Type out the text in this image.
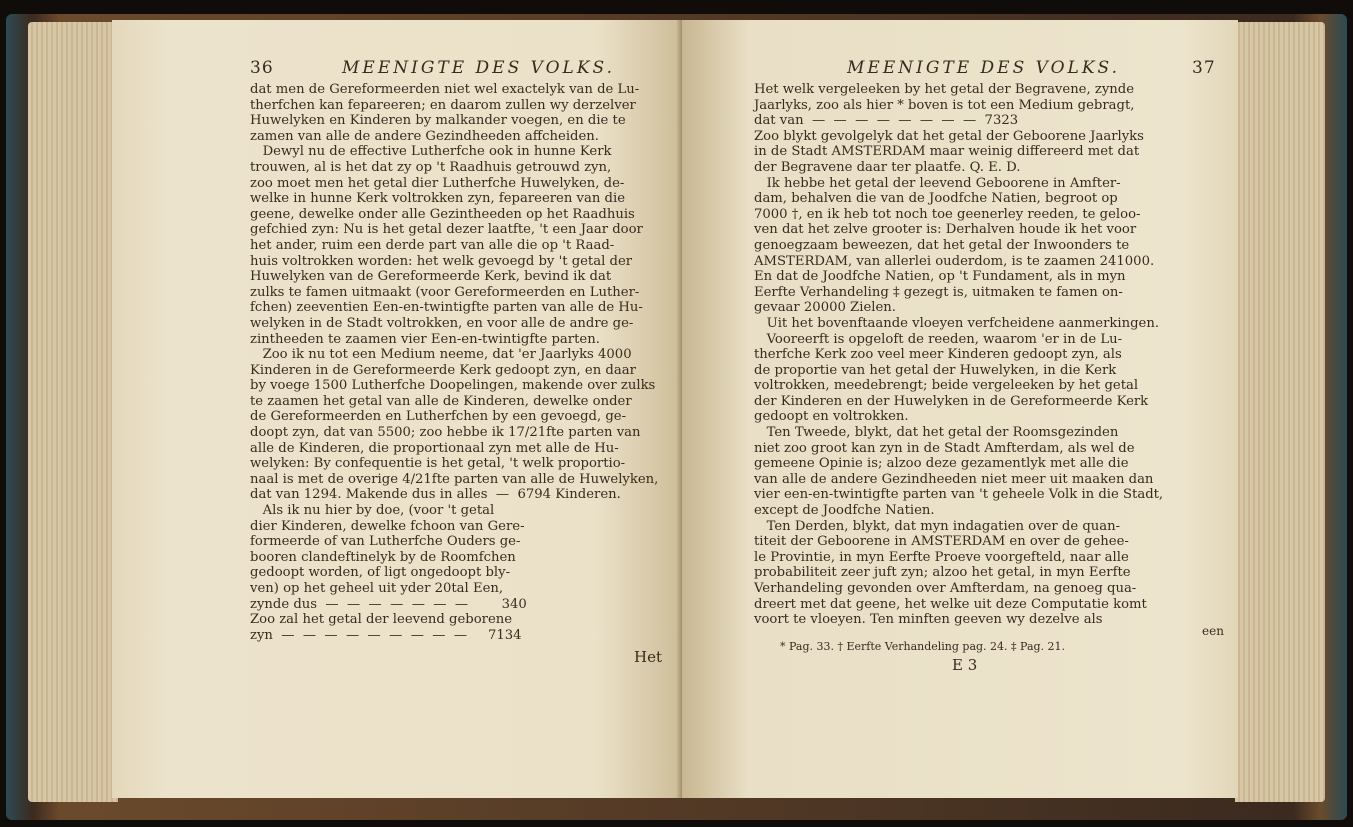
36	MEENIGTE DES VOLKS.
dat men de Gereformeerden niet wel exactelyk van de Lu-
therfchen kan fepareeren; en daarom zullen wy derzelver
Huwelyken en Kinderen by malkander voegen, en die te
zamen van alle de andere Gezindheeden affcheiden.
Dewyl nu de effective Lutherfche ook in hunne Kerk
trouwen, al is het dat zy op 't Raadhuis getrouwd zyn,
zoo moet men het getal dier Lutherfche Huwelyken, de-
welke in hunne Kerk voltrokken zyn, fepareeren van die
geene, dewelke onder alle Gezintheeden op het Raadhuis
gefchied zyn: Nu is het getal dezer laatfte, 't een Jaar door
het ander, ruim een derde part van alle die op 't Raad-
huis voltrokken worden: het welk gevoegd by 't getal der
Huwelyken van de Gereformeerde Kerk, bevind ik dat
zulks te famen uitmaakt (voor Gereformeerden en Luther-
fchen) zeeventien Een-en-twintigfte parten van alle de Hu-
welyken in de Stadt voltrokken, en voor alle de andre ge-
zintheeden te zaamen vier Een-en-twintigfte parten.
Zoo ik nu tot een Medium neeme, dat 'er Jaarlyks 4000
Kinderen in de Gereformeerde Kerk gedoopt zyn, en daar
by voege 1500 Lutherfche Doopelingen, makende over zulks
te zaamen het getal van alle de Kinderen, dewelke onder
de Gereformeerden en Lutherfchen by een gevoegd, ge-
doopt zyn, dat van 5500; zoo hebbe ik 17/21fte parten van
alle de Kinderen, die proportionaal zyn met alle de Hu-
welyken: By confequentie is het getal, 't welk proportio-
naal is met de overige 4/21fte parten van alle de Huwelyken,
dat van 1294. Makende dus in alles  —  6794 Kinderen.
Als ik nu hier by doe, (voor 't getal
dier Kinderen, dewelke fchoon van Gere-
formeerde of van Lutherfche Ouders ge-
booren clandeftinelyk by de Roomfchen
gedoopt worden, of ligt ongedoopt bly-
ven) op het geheel uit yder 20tal Een,
zynde dus  —  —  —  —  —  —  —        340
Zoo zal het getal der leevend geborene
zyn  —  —  —  —  —  —  —  —  —     7134
Het
MEENIGTE DES VOLKS.	37
Het welk vergeleeken by het getal der Begravene, zynde
Jaarlyks, zoo als hier * boven is tot een Medium gebragt,
dat van  —  —  —  —  —  —  —  —  7323
Zoo blykt gevolgelyk dat het getal der Geboorene Jaarlyks
in de Stadt AMSTERDAM maar weinig differeerd met dat
der Begravene daar ter plaatfe. Q. E. D.
Ik hebbe het getal der leevend Geboorene in Amfter-
dam, behalven die van de Joodfche Natien, begroot op
7000 †, en ik heb tot noch toe geenerley reeden, te geloo-
ven dat het zelve grooter is: Derhalven houde ik het voor
genoegzaam beweezen, dat het getal der Inwoonders te
AMSTERDAM, van allerlei ouderdom, is te zaamen 241000.
En dat de Joodfche Natien, op 't Fundament, als in myn
Eerfte Verhandeling ‡ gezegt is, uitmaken te famen on-
gevaar 20000 Zielen.
Uit het bovenftaande vloeyen verfcheidene aanmerkingen.
Vooreerft is opgeloft de reeden, waarom 'er in de Lu-
therfche Kerk zoo veel meer Kinderen gedoopt zyn, als
de proportie van het getal der Huwelyken, in die Kerk
voltrokken, meedebrengt; beide vergeleeken by het getal
der Kinderen en der Huwelyken in de Gereformeerde Kerk
gedoopt en voltrokken.
Ten Tweede, blykt, dat het getal der Roomsgezinden
niet zoo groot kan zyn in de Stadt Amfterdam, als wel de
gemeene Opinie is; alzoo deze gezamentlyk met alle die
van alle de andere Gezindheeden niet meer uit maaken dan
vier een-en-twintigfte parten van 't geheele Volk in die Stadt,
except de Joodfche Natien.
Ten Derden, blykt, dat myn indagatien over de quan-
titeit der Geboorene in AMSTERDAM en over de gehee-
le Provintie, in myn Eerfte Proeve voorgefteld, naar alle
probabiliteit zeer juft zyn; alzoo het getal, in myn Eerfte
Verhandeling gevonden over Amfterdam, na genoeg qua-
dreert met dat geene, het welke uit deze Computatie komt
voort te vloeyen. Ten minften geeven wy dezelve als
een
* Pag. 33. † Eerfte Verhandeling pag. 24. ‡ Pag. 21.
E 3
